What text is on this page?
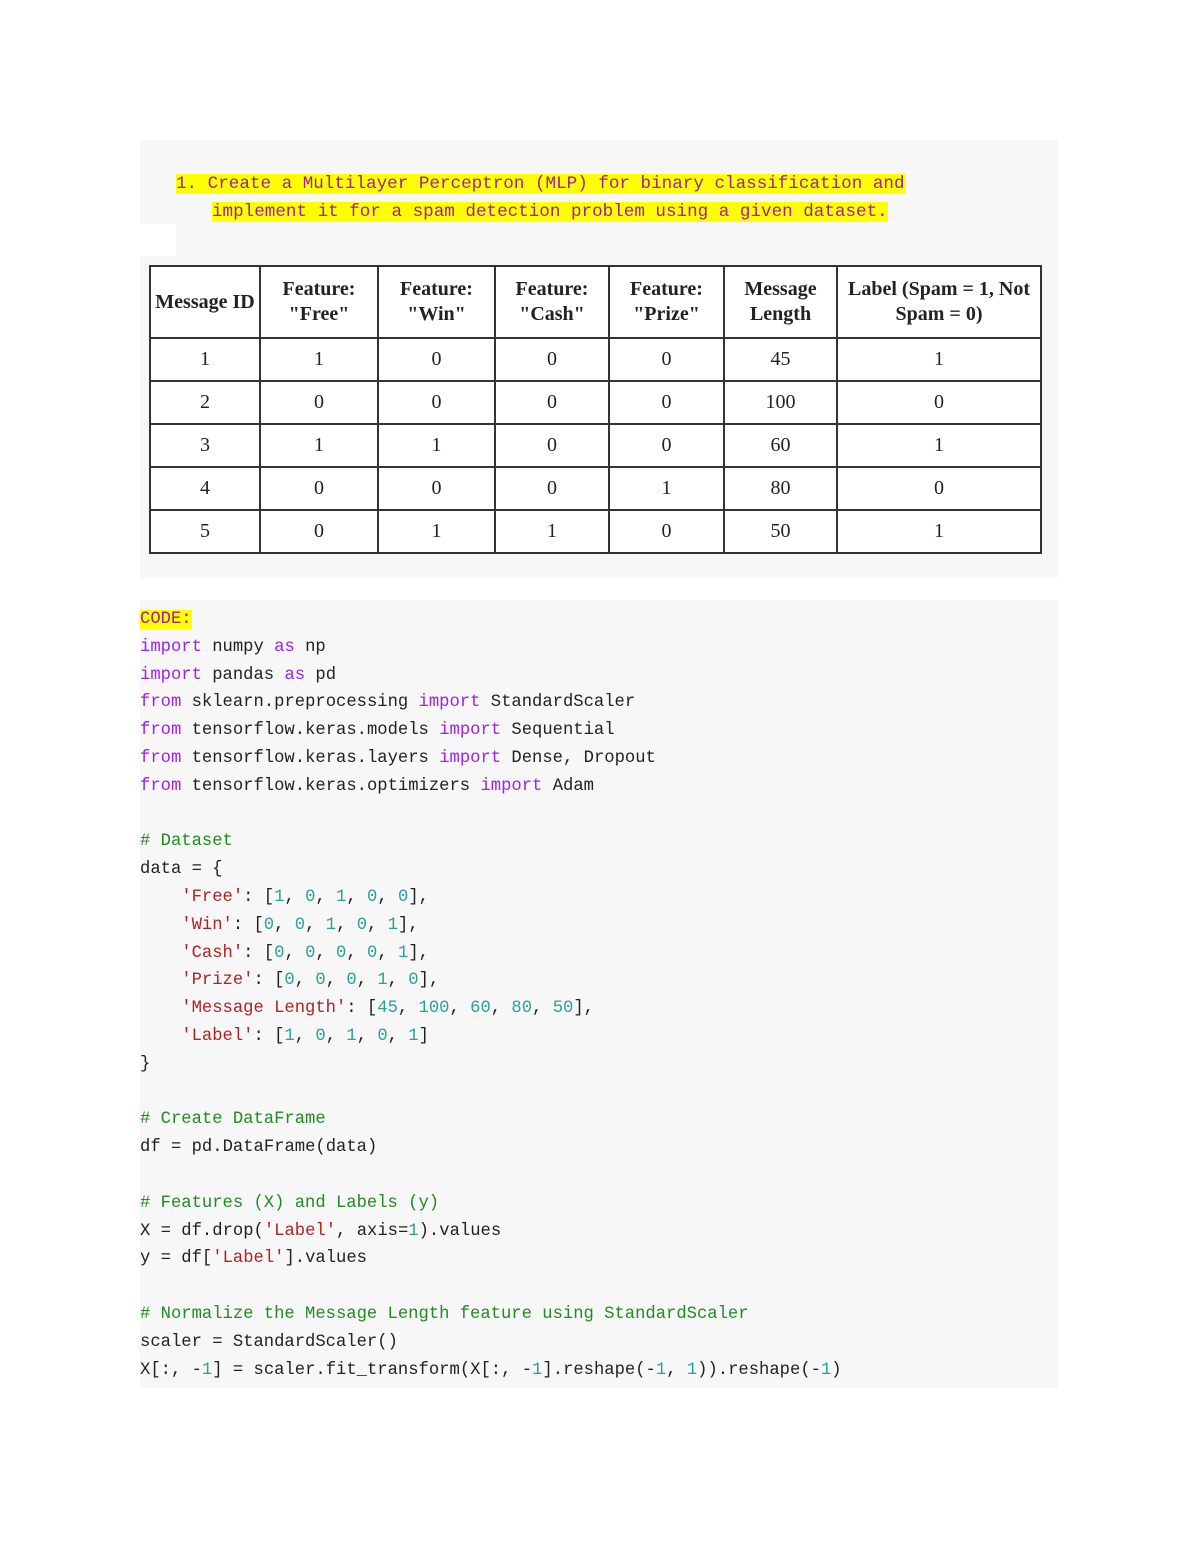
1. Create a Multilayer Perceptron (MLP) for binary classification and
implement it for a spam detection problem using a given dataset.
Message ID	Feature: "Free"	Feature: "Win"	Feature: "Cash"	Feature: "Prize"	Message Length	Label (Spam = 1, Not Spam = 0)
1	1	0	0	0	45	1
2	0	0	0	0	100	0
3	1	1	0	0	60	1
4	0	0	0	1	80	0
5	0	1	1	0	50	1
CODE:
import numpy as np
import pandas as pd
from sklearn.preprocessing import StandardScaler
from tensorflow.keras.models import Sequential
from tensorflow.keras.layers import Dense, Dropout
from tensorflow.keras.optimizers import Adam

# Dataset
data = {
'Free': [1, 0, 1, 0, 0],
'Win': [0, 0, 1, 0, 1],
'Cash': [0, 0, 0, 0, 1],
'Prize': [0, 0, 0, 1, 0],
'Message Length': [45, 100, 60, 80, 50],
'Label': [1, 0, 1, 0, 1]
}

# Create DataFrame
df = pd.DataFrame(data)

# Features (X) and Labels (y)
X = df.drop('Label', axis=1).values
y = df['Label'].values

# Normalize the Message Length feature using StandardScaler
scaler = StandardScaler()
X[:, -1] = scaler.fit_transform(X[:, -1].reshape(-1, 1)).reshape(-1)
